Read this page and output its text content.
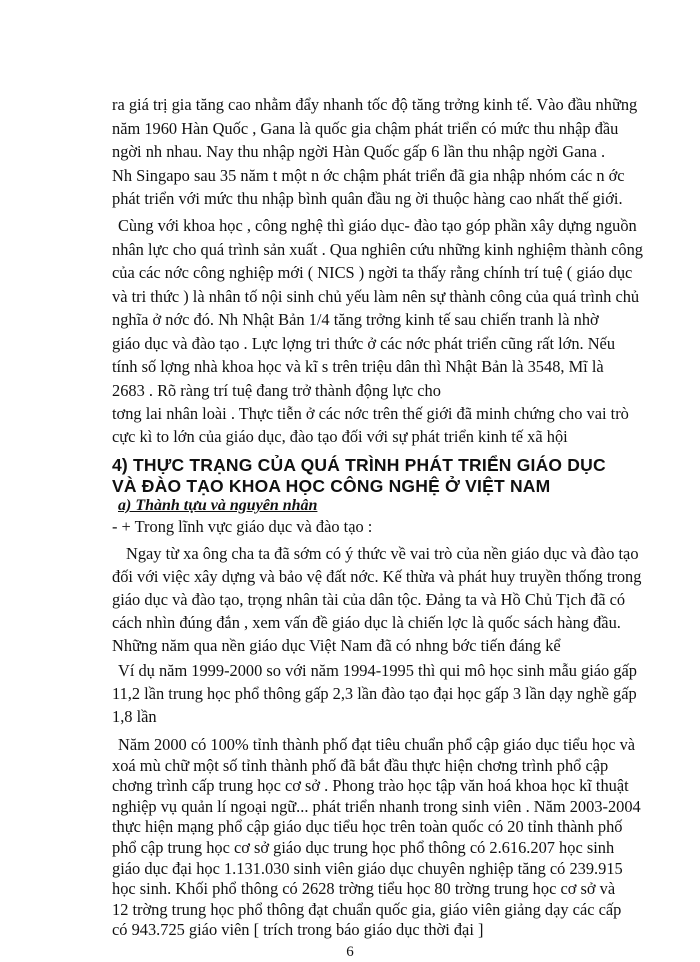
ra giá trị gia tăng cao nhằm đẩy nhanh tốc độ tăng trởng kinh tế. Vào đầu những
năm 1960 Hàn Quốc , Gana là quốc gia chậm phát triển có mức thu nhập đầu
ngời nh nhau. Nay thu nhập ngời Hàn Quốc gấp 6 lần thu nhập ngời Gana .
Nh Singapo sau 35 năm t một n ớc chậm phát triển đã gia nhập nhóm các n ớc
phát triển với mức thu nhập bình quân đầu ng ời thuộc hàng cao nhất thế giới.
Cùng với khoa học , công nghệ thì giáo dục- đào tạo góp phần xây dựng nguồn
nhân lực cho quá trình sản xuất . Qua nghiên cứu những kinh nghiệm thành công
của các nớc công nghiệp mới ( NICS ) ngời ta thấy rằng chính trí tuệ ( giáo dục
và tri thức ) là nhân tố nội sinh chủ yếu làm nên sự thành công của quá trình chủ
nghĩa ở nớc đó. Nh Nhật Bản 1/4 tăng trởng kinh tế sau chiến tranh là nhờ
giáo dục và đào tạo . Lực lợng tri thức ở các nớc phát triển cũng rất lớn. Nếu
tính số lợng nhà khoa học và kĩ s trên triệu dân thì Nhật Bản là 3548, Mĩ là
2683 . Rõ ràng trí tuệ đang trở thành động lực cho
tơng lai nhân loài . Thực tiễn ở các nớc trên thế giới đã minh chứng cho vai trò
cực kì to lớn của giáo dục, đào tạo đối với sự phát triển kinh tế xã hội
4) THỰC TRẠNG CỦA QUÁ TRÌNH PHÁT TRIỂN GIÁO DỤC
VÀ ĐÀO TẠO KHOA HỌC CÔNG NGHỆ Ở VIỆT NAM
a) Thành tựu và nguyên nhân
- + Trong lĩnh vực giáo dục và đào tạo :
Ngay từ xa ông cha ta đã sớm có ý thức về vai trò của nền giáo dục và đào tạo
đối với việc xây dựng và bảo vệ đất nớc. Kế thừa và phát huy truyền thống trong
giáo dục và đào tạo, trọng nhân tài của dân tộc. Đảng ta và Hồ Chủ Tịch đã có
cách nhìn đúng đắn , xem vấn đề giáo dục là chiến lợc là quốc sách hàng đầu.
Những năm qua nền giáo dục Việt Nam đã có nhng bớc tiến đáng kể
Ví dụ năm 1999-2000 so với năm 1994-1995 thì qui mô học sinh mẫu giáo gấp
11,2 lần trung học phổ thông gấp 2,3 lần đào tạo đại học gấp 3 lần dạy nghề gấp
1,8 lần
Năm 2000 có 100% tỉnh thành phố đạt tiêu chuẩn phổ cập giáo dục tiểu học và
xoá mù chữ một số tỉnh thành phố đã bắt đầu thực hiện chơng trình phổ cập
chơng trình cấp trung học cơ sở . Phong trào học tập văn hoá khoa học kĩ thuật
nghiệp vụ quản lí ngoại ngữ... phát triển nhanh trong sinh viên . Năm 2003-2004
thực hiện mạng phổ cập giáo dục tiểu học trên toàn quốc có 20 tỉnh thành phố
phổ cập trung học cơ sở giáo dục trung học phổ thông có 2.616.207 học sinh
giáo dục đại học 1.131.030 sinh viên giáo dục chuyên nghiệp tăng có 239.915
học sinh. Khối phổ thông có 2628 trờng tiểu học 80 trờng trung học cơ sở và
12 trờng trung học phổ thông đạt chuẩn quốc gia, giáo viên giảng dạy các cấp
có 943.725 giáo viên [ trích trong báo giáo dục thời đại ]
6
